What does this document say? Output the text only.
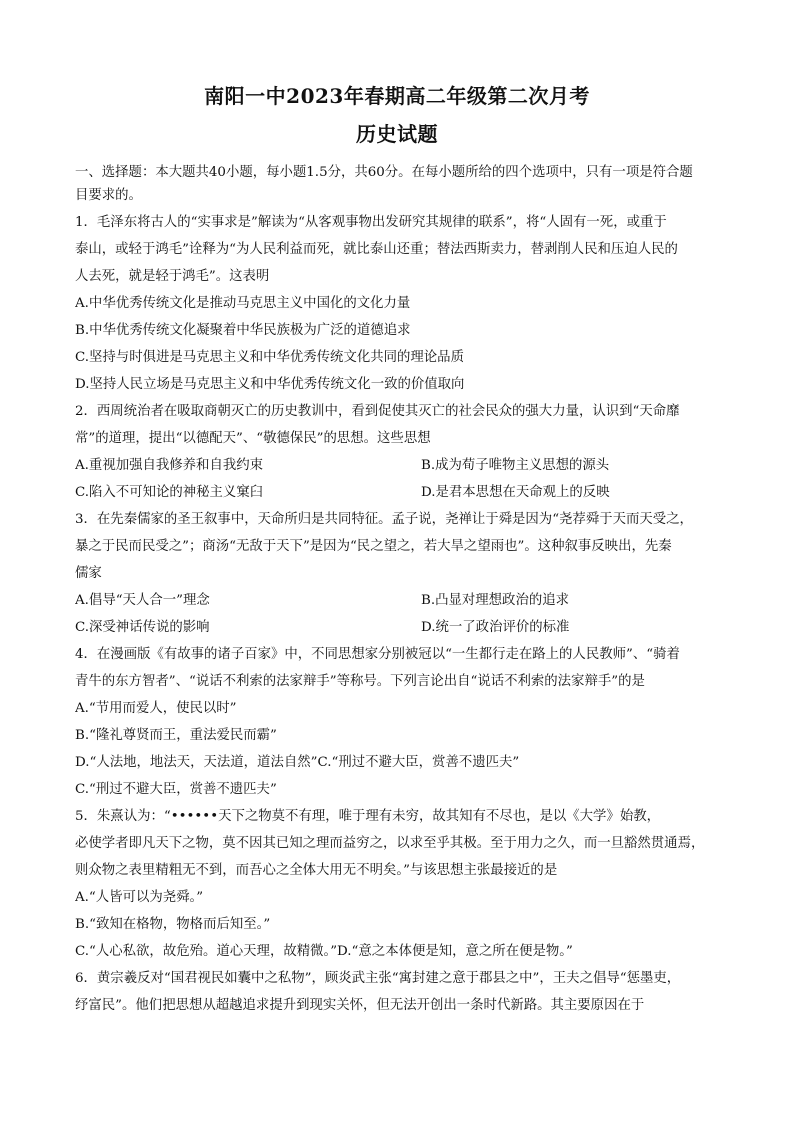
南阳一中2023年春期高二年级第二次月考
历史试题
一、选择题：本大题共40小题，每小题1.5分，共60分。在每小题所给的四个选项中，只有一项是符合题
目要求的。
1．毛泽东将古人的“实事求是”解读为“从客观事物出发研究其规律的联系”，将“人固有一死，或重于
泰山，或轻于鸿毛”诠释为“为人民利益而死，就比泰山还重；替法西斯卖力，替剥削人民和压迫人民的
人去死，就是轻于鸿毛”。这表明
A.中华优秀传统文化是推动马克思主义中国化的文化力量
B.中华优秀传统文化凝聚着中华民族极为广泛的道德追求
C.坚持与时俱进是马克思主义和中华优秀传统文化共同的理论品质
D.坚持人民立场是马克思主义和中华优秀传统文化一致的价值取向
2．西周统治者在吸取商朝灭亡的历史教训中，看到促使其灭亡的社会民众的强大力量，认识到“天命靡
常”的道理，提出“以德配天”、“敬德保民”的思想。这些思想
A.重视加强自我修养和自我约束	B.成为荀子唯物主义思想的源头
C.陷入不可知论的神秘主义窠臼	D.是君本思想在天命观上的反映
3．在先秦儒家的圣王叙事中，天命所归是共同特征。孟子说，尧禅让于舜是因为“尧荐舜于天而天受之，
暴之于民而民受之”；商汤“无敌于天下”是因为“民之望之，若大旱之望雨也”。这种叙事反映出，先秦
儒家
A.倡导“天人合一”理念	B.凸显对理想政治的追求
C.深受神话传说的影响	D.统一了政治评价的标准
4．在漫画版《有故事的诸子百家》中，不同思想家分别被冠以“一生都行走在路上的人民教师”、“骑着
青牛的东方智者”、“说话不利索的法家辩手”等称号。下列言论出自“说话不利索的法家辩手”的是
A.“节用而爱人，使民以时”
B.“隆礼尊贤而王，重法爱民而霸”
D.“人法地，地法天，天法道，道法自然”C.“刑过不避大臣，赏善不遗匹夫”
C.“刑过不避大臣，赏善不遗匹夫”
5．朱熹认为：“••••••天下之物莫不有理，唯于理有未穷，故其知有不尽也，是以《大学》始教，
必使学者即凡天下之物，莫不因其已知之理而益穷之，以求至乎其极。至于用力之久，而一旦豁然贯通焉，
则众物之表里精粗无不到，而吾心之全体大用无不明矣。”与该思想主张最接近的是
A.“人皆可以为尧舜。”
B.“致知在格物，物格而后知至。”
C.“人心私欲，故危殆。道心天理，故精微。”D.“意之本体便是知，意之所在便是物。”
6．黄宗羲反对“国君视民如囊中之私物”，顾炎武主张“寓封建之意于郡县之中”，王夫之倡导“惩墨吏，
纾富民”。他们把思想从超越追求提升到现实关怀，但无法开创出一条时代新路。其主要原因在于
